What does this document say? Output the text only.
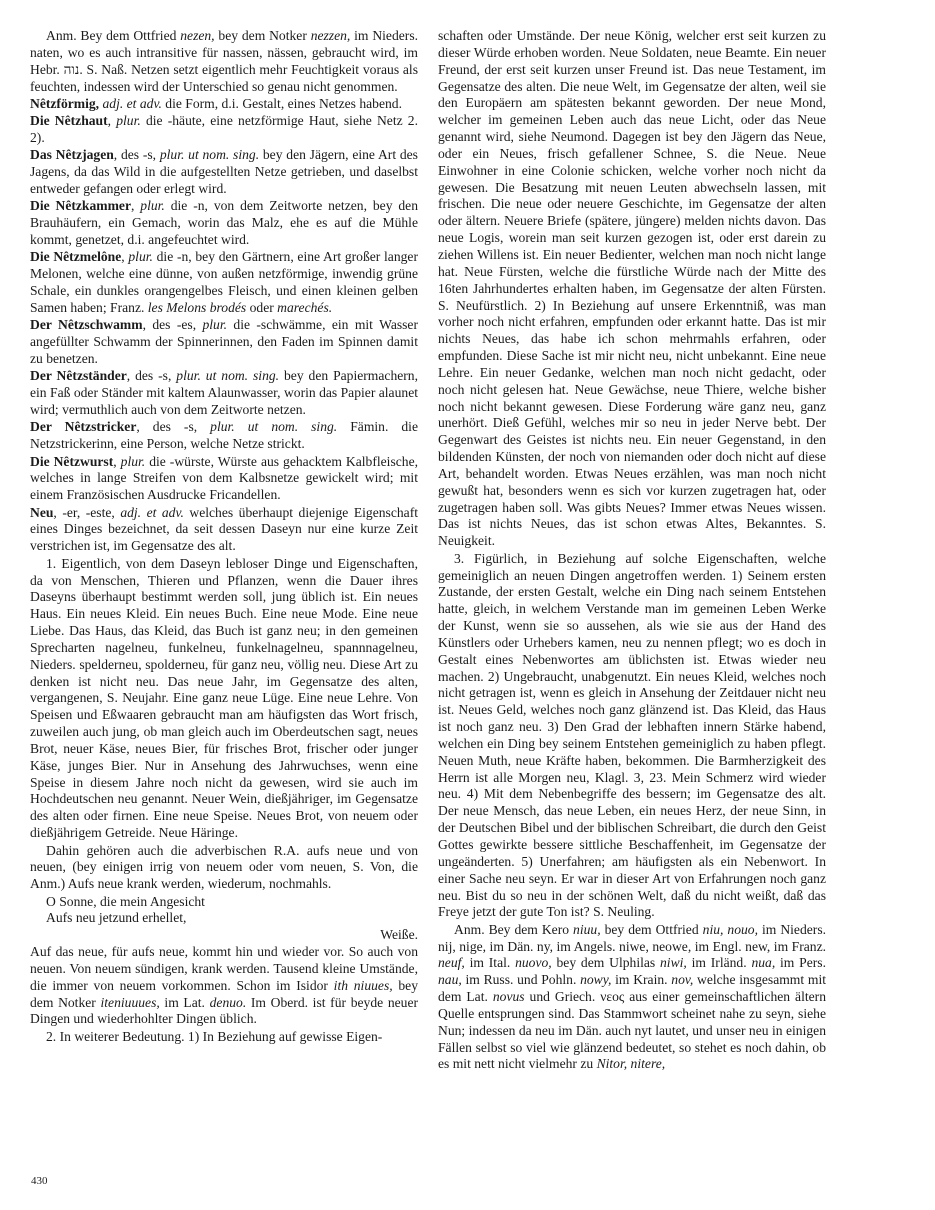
Anm. Bey dem Ottfried nezen, bey dem Notker nezzen, im Nieders. naten, wo es auch intransitive für nassen, nässen, gebraucht wird, im Hebr. נוה. S. Naß. Netzen setzt eigentlich mehr Feuchtigkeit voraus als feuchten, indessen wird der Unterschied so genau nicht genommen.

Nêtzförmig, adj. et adv. die Form, d.i. Gestalt, eines Netzes habend.

Die Nêtzhaut, plur. die -häute, eine netzförmige Haut, siehe Netz 2. 2).

Das Nêtzjagen, des -s, plur. ut nom. sing. bey den Jägern, eine Art des Jagens, da das Wild in die aufgestellten Netze getrieben, und daselbst entweder gefangen oder erlegt wird.

Die Nêtzkammer, plur. die -n, von dem Zeitworte netzen, bey den Brauhäufern, ein Gemach, worin das Malz, ehe es auf die Mühle kommt, genetzet, d.i. angefeuchtet wird.

Die Nêtzmelône, plur. die -n, bey den Gärtnern, eine Art großer langer Melonen, welche eine dünne, von außen netzförmige, inwendig grüne Schale, ein dunkles orangengelbes Fleisch, und einen kleinen gelben Samen haben; Franz. les Melons brodés oder marechés.

Der Nêtzschwamm, des -es, plur. die -schwämme, ein mit Wasser angefüllter Schwamm der Spinnerinnen, den Faden im Spinnen damit zu benetzen.

Der Nêtzständer, des -s, plur. ut nom. sing. bey den Papiermachern, ein Faß oder Ständer mit kaltem Alaunwasser, worin das Papier alaunet wird; vermuthlich auch von dem Zeitworte netzen.

Der Nêtzstricker, des -s, plur. ut nom. sing. Fämin. die Netzstrickerinn, eine Person, welche Netze strickt.

Die Nêtzwurst, plur. die -würste, Würste aus gehacktem Kalbfleische, welches in lange Streifen von dem Kalbsnetze gewickelt wird; mit einem Französischen Ausdrucke Fricandellen.

Neu, -er, -este, adj. et adv. welches überhaupt diejenige Eigenschaft eines Dinges bezeichnet, da seit dessen Daseyn nur eine kurze Zeit verstrichen ist, im Gegensatze des alt.

1. Eigentlich, von dem Daseyn lebloser Dinge und Eigenschaften, da von Menschen, Thieren und Pflanzen, wenn die Dauer ihres Daseyns überhaupt bestimmt werden soll, jung üblich ist. Ein neues Haus. Ein neues Kleid. Ein neues Buch. Eine neue Mode. Eine neue Liebe. Das Haus, das Kleid, das Buch ist ganz neu; in den gemeinen Sprecharten nagelneu, funkelneu, funkelnagelneu, spannnagelneu, Nieders. spelderneu, spolderneu, für ganz neu, völlig neu. Diese Art zu denken ist nicht neu. Das neue Jahr, im Gegensatze des alten, vergangenen, S. Neujahr. Eine ganz neue Lüge. Eine neue Lehre. Von Speisen und Eßwaaren gebraucht man am häufigsten das Wort frisch, zuweilen auch jung, ob man gleich auch im Oberdeutschen sagt, neues Brot, neuer Käse, neues Bier, für frisches Brot, frischer oder junger Käse, junges Bier. Nur in Ansehung des Jahrwuchses, wenn eine Speise in diesem Jahre noch nicht da gewesen, wird sie auch im Hochdeutschen neu genannt. Neuer Wein, dießjähriger, im Gegensatze des alten oder firnen. Eine neue Speise. Neues Brot, von neuem oder dießjährigem Getreide. Neue Häringe.

Dahin gehören auch die adverbischen R.A. aufs neue und von neuen, (bey einigen irrig von neuem oder vom neuen, S. Von, die Anm.) Aufs neue krank werden, wiederum, nochmahls.

O Sonne, die mein Angesicht

Aufs neu jetzund erhellet,

Weiße.

Auf das neue, für aufs neue, kommt hin und wieder vor. So auch von neuen. Von neuem sündigen, krank werden. Tausend kleine Umstände, die immer von neuem vorkommen. Schon im Isidor ith niuues, bey dem Notker iteniuuues, im Lat. denuo. Im Oberd. ist für beyde neuer Dingen und wiederhohlter Dingen üblich.

2. In weiterer Bedeutung. 1) In Beziehung auf gewisse Eigen-

schaften oder Umstände. Der neue König, welcher erst seit kurzen zu dieser Würde erhoben worden. Neue Soldaten, neue Beamte. Ein neuer Freund, der erst seit kurzen unser Freund ist. Das neue Testament, im Gegensatze des alten. Die neue Welt, im Gegensatze der alten, weil sie den Europäern am spätesten bekannt geworden. Der neue Mond, welcher im gemeinen Leben auch das neue Licht, oder das Neue genannt wird, siehe Neumond. Dagegen ist bey den Jägern das Neue, oder ein Neues, frisch gefallener Schnee, S. die Neue. Neue Einwohner in eine Colonie schicken, welche vorher noch nicht da gewesen. Die Besatzung mit neuen Leuten abwechseln lassen, mit frischen. Die neue oder neuere Geschichte, im Gegensatze der alten oder ältern. Neuere Briefe (spätere, jüngere) melden nichts davon. Das neue Logis, worein man seit kurzen gezogen ist, oder erst darein zu ziehen Willens ist. Ein neuer Bedienter, welchen man noch nicht lange hat. Neue Fürsten, welche die fürstliche Würde nach der Mitte des 16ten Jahrhundertes erhalten haben, im Gegensatze der alten Fürsten. S. Neufürstlich. 2) In Beziehung auf unsere Erkenntniß, was man vorher noch nicht erfahren, empfunden oder erkannt hatte. Das ist mir nichts Neues, das habe ich schon mehrmahls erfahren, oder empfunden. Diese Sache ist mir nicht neu, nicht unbekannt. Eine neue Lehre. Ein neuer Gedanke, welchen man noch nicht gedacht, oder noch nicht gelesen hat. Neue Gewächse, neue Thiere, welche bisher noch nicht bekannt gewesen. Diese Forderung wäre ganz neu, ganz unerhört. Dieß Gefühl, welches mir so neu in jeder Nerve bebt. Der Gegenwart des Geistes ist nichts neu. Ein neuer Gegenstand, in den bildenden Künsten, der noch von niemanden oder doch nicht auf diese Art, behandelt worden. Etwas Neues erzählen, was man noch nicht gewußt hat, besonders wenn es sich vor kurzen zugetragen hat, oder zugetragen haben soll. Was gibts Neues? Immer etwas Neues wissen. Das ist nichts Neues, das ist schon etwas Altes, Bekanntes. S. Neuigkeit.

3. Figürlich, in Beziehung auf solche Eigenschaften, welche gemeiniglich an neuen Dingen angetroffen werden. 1) Seinem ersten Zustande, der ersten Gestalt, welche ein Ding nach seinem Entstehen hatte, gleich, in welchem Verstande man im gemeinen Leben Werke der Kunst, wenn sie so aussehen, als wie sie aus der Hand des Künstlers oder Urhebers kamen, neu zu nennen pflegt; wo es doch in Gestalt eines Nebenwortes am üblichsten ist. Etwas wieder neu machen. 2) Ungebraucht, unabgenutzt. Ein neues Kleid, welches noch nicht getragen ist, wenn es gleich in Ansehung der Zeitdauer nicht neu ist. Neues Geld, welches noch ganz glänzend ist. Das Kleid, das Haus ist noch ganz neu. 3) Den Grad der lebhaften innern Stärke habend, welchen ein Ding bey seinem Entstehen gemeiniglich zu haben pflegt. Neuen Muth, neue Kräfte haben, bekommen. Die Barmherzigkeit des Herrn ist alle Morgen neu, Klagl. 3, 23. Mein Schmerz wird wieder neu. 4) Mit dem Nebenbegriffe des bessern; im Gegensatze des alt. Der neue Mensch, das neue Leben, ein neues Herz, der neue Sinn, in der Deutschen Bibel und der biblischen Schreibart, die durch den Geist Gottes gewirkte bessere sittliche Beschaffenheit, im Gegensatze der ungeänderten. 5) Unerfahren; am häufigsten als ein Nebenwort. In einer Sache neu seyn. Er war in dieser Art von Erfahrungen noch ganz neu. Bist du so neu in der schönen Welt, daß du nicht weißt, daß das Freye jetzt der gute Ton ist? S. Neuling.

Anm. Bey dem Kero niuu, bey dem Ottfried niu, nouo, im Nieders. nij, nige, im Dän. ny, im Angels. niwe, neowe, im Engl. new, im Franz. neuf, im Ital. nuovo, bey dem Ulphilas niwi, im Irländ. nua, im Pers. nau, im Russ. und Pohln. nowy, im Krain. nov, welche insgesammt mit dem Lat. novus und Griech. νεος aus einer gemeinschaftlichen ältern Quelle entsprungen sind. Das Stammwort scheinet nahe zu seyn, siehe Nun; indessen da neu im Dän. auch nyt lautet, und unser neu in einigen Fällen selbst so viel wie glänzend bedeutet, so stehet es noch dahin, ob es mit nett nicht vielmehr zu Nitor, nitere,

430
